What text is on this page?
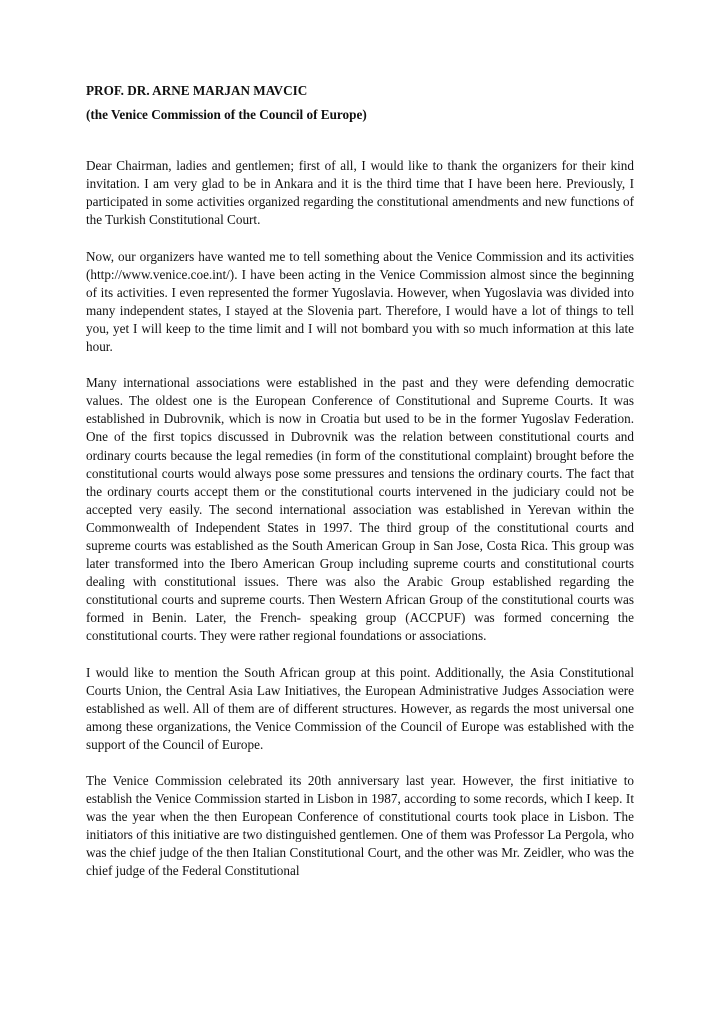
PROF. DR. ARNE MARJAN MAVCIC

(the Venice Commission of the Council of Europe)

Dear Chairman, ladies and gentlemen; first of all, I would like to thank the organizers for their kind invitation. I am very glad to be in Ankara and it is the third time that I have been here. Previously, I participated in some activities organized regarding the constitutional amendments and new functions of the Turkish Constitutional Court.

Now, our organizers have wanted me to tell something about the Venice Commission and its activities (http://www.venice.coe.int/). I have been acting in the Venice Commission almost since the beginning of its activities. I even represented the former Yugoslavia. However, when Yugoslavia was divided into many independent states, I stayed at the Slovenia part. Therefore, I would have a lot of things to tell you, yet I will keep to the time limit and I will not bombard you with so much information at this late hour.

Many international associations were established in the past and they were defending democratic values. The oldest one is the European Conference of Constitutional and Supreme Courts. It was established in Dubrovnik, which is now in Croatia but used to be in the former Yugoslav Federation. One of the first topics discussed in Dubrovnik was the relation between constitutional courts and ordinary courts because the legal remedies (in form of the constitutional complaint) brought before the constitutional courts would always pose some pressures and tensions the ordinary courts. The fact that the ordinary courts accept them or the constitutional courts intervened in the judiciary could not be accepted very easily. The second international association was established in Yerevan within the Commonwealth of Independent States in 1997. The third group of the constitutional courts and supreme courts was established as the South American Group in San Jose, Costa Rica. This group was later transformed into the Ibero American Group including supreme courts and constitutional courts dealing with constitutional issues. There was also the Arabic Group established regarding the constitutional courts and supreme courts. Then Western African Group of the constitutional courts was formed in Benin. Later, the French- speaking group (ACCPUF) was formed concerning the constitutional courts. They were rather regional foundations or associations.

I would like to mention the South African group at this point. Additionally, the Asia Constitutional Courts Union, the Central Asia Law Initiatives, the European Administrative Judges Association were established as well. All of them are of different structures. However, as regards the most universal one among these organizations, the Venice Commission of the Council of Europe was established with the support of the Council of Europe.

The Venice Commission celebrated its 20th anniversary last year. However, the first initiative to establish the Venice Commission started in Lisbon in 1987, according to some records, which I keep. It was the year when the then European Conference of constitutional courts took place in Lisbon. The initiators of this initiative are two distinguished gentlemen. One of them was Professor La Pergola, who was the chief judge of the then Italian Constitutional Court, and the other was Mr. Zeidler, who was the chief judge of the Federal Constitutional
